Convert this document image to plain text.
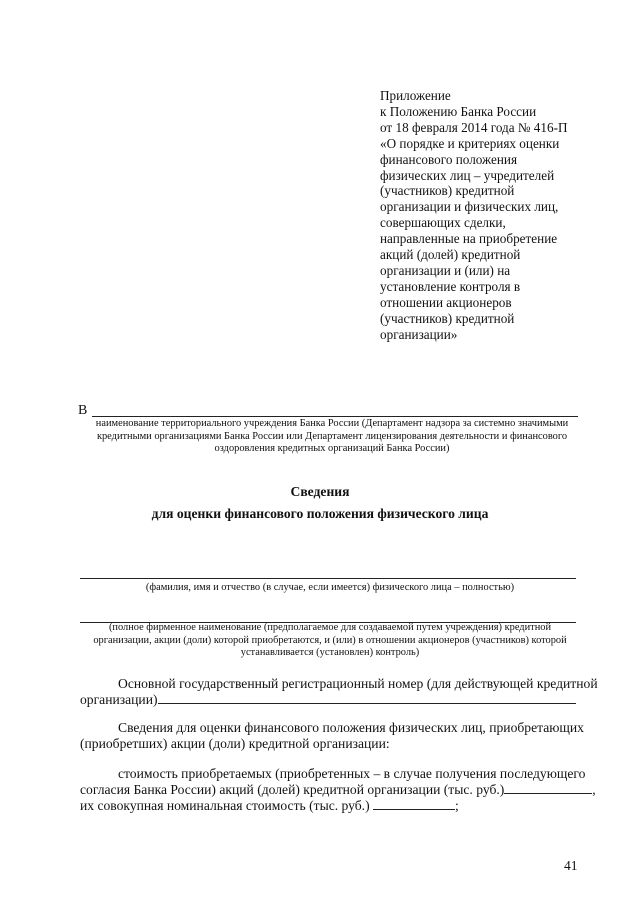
Приложение
к Положению Банка России
от 18 февраля 2014 года № 416-П
«О порядке и критериях оценки
финансового положения
физических лиц – учредителей
(участников) кредитной
организации и физических лиц,
совершающих сделки,
направленные на приобретение
акций (долей) кредитной
организации и (или) на
установление контроля в
отношении акционеров
(участников) кредитной
организации»
В
наименование территориального учреждения Банка России (Департамент надзора за системно значимыми кредитными организациями Банка России или Департамент лицензирования деятельности и финансового оздоровления кредитных организаций Банка России)
Сведения
для оценки финансового положения физического лица
(фамилия, имя и отчество (в случае, если имеется) физического лица – полностью)
(полное фирменное наименование (предполагаемое для создаваемой путем учреждения) кредитной организации, акции (доли) которой приобретаются, и (или) в отношении акционеров (участников) которой устанавливается (установлен) контроль)
Основной государственный регистрационный номер (для действующей кредитной
организации)
Сведения для оценки финансового положения физических лиц, приобретающих
(приобретших) акции (доли) кредитной организации:
стоимость приобретаемых (приобретенных – в случае получения последующего
согласия Банка России) акций (долей) кредитной организации (тыс. руб.)	,
их совокупная номинальная стоимость (тыс. руб.)	;
41
